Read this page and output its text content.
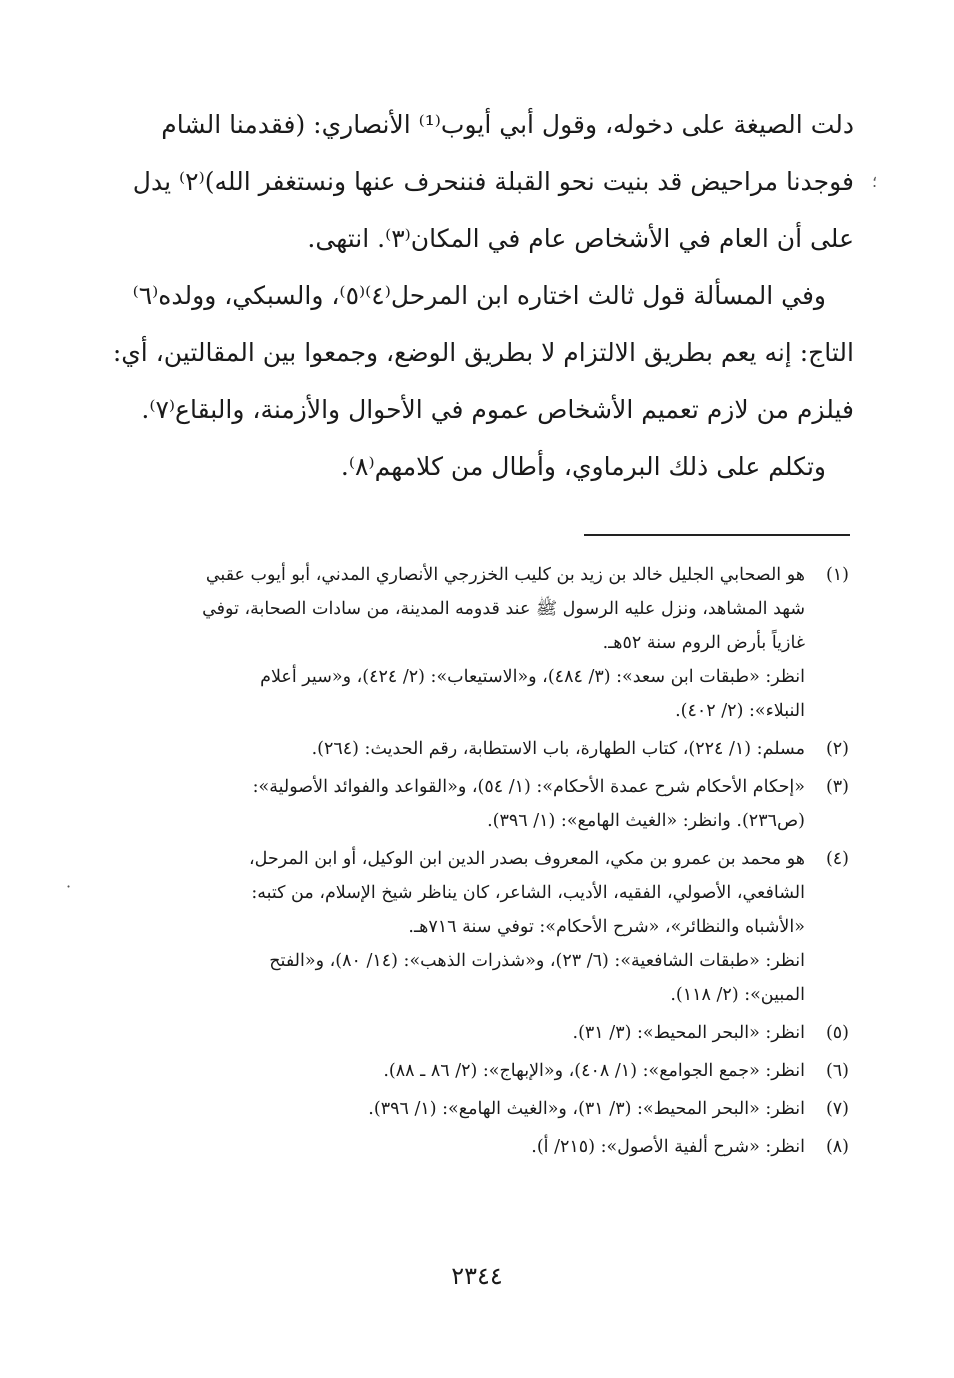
دلت الصيغة على دخوله، وقول أبي أيوب⁽¹⁾ الأنصاري: (فقدمنا الشام
فوجدنا مراحيض قد بنيت نحو القبلة فننحرف عنها ونستغفر الله)⁽٢⁾ يدل
على أن العام في الأشخاص عام في المكان⁽٣⁾. انتهى.
وفي المسألة قول ثالث اختاره ابن المرحل⁽٤⁾⁽٥⁾، والسبكي، وولده⁽٦⁾
التاج: إنه يعم بطريق الالتزام لا بطريق الوضع، وجمعوا بين المقالتين، أي:
فيلزم من لازم تعميم الأشخاص عموم في الأحوال والأزمنة، والبقاع⁽٧⁾.
وتكلم على ذلك البرماوي، وأطال من كلامهم⁽٨⁾.
؛
(١)
هو الصحابي الجليل خالد بن زيد بن كليب الخزرجي الأنصاري المدني، أبو أيوب عقبي
شهد المشاهد، ونزل عليه الرسول ﷺ عند قدومه المدينة، من سادات الصحابة، توفي
غازياً بأرض الروم سنة ٥٢هـ.
انظر: «طبقات ابن سعد»: (٣/ ٤٨٤)، و«الاستيعاب»: (٢/ ٤٢٤)، و«سير أعلام
النبلاء»: (٢/ ٤٠٢).
(٢)
مسلم: (١/ ٢٢٤)، كتاب الطهارة، باب الاستطابة، رقم الحديث: (٢٦٤).
(٣)
«إحكام الأحكام شرح عمدة الأحكام»: (١/ ٥٤)، و«القواعد والفوائد الأصولية»:
(ص٢٣٦). وانظر: «الغيث الهامع»: (١/ ٣٩٦).
(٤)
هو محمد بن عمرو بن مكي، المعروف بصدر الدين ابن الوكيل، أو ابن المرحل،
الشافعي، الأصولي، الفقيه، الأديب، الشاعر، كان يناظر شيخ الإسلام، من كتبه:
«الأشباه والنظائر»، «شرح الأحكام»: توفي سنة ٧١٦هـ.
انظر: «طبقات الشافعية»: (٦/ ٢٣)، و«شذرات الذهب»: (١٤/ ٨٠)، و«الفتح
المبين»: (٢/ ١١٨).
(٥)
انظر: «البحر المحيط»: (٣/ ٣١).
(٦)
انظر: «جمع الجوامع»: (١/ ٤٠٨)، و«الإبهاج»: (٢/ ٨٦ ـ ٨٨).
(٧)
انظر: «البحر المحيط»: (٣/ ٣١)، و«الغيث الهامع»: (١/ ٣٩٦).
(٨)
انظر: «شرح ألفية الأصول»: (٢١٥/ أ).
·
٢٣٤٤
